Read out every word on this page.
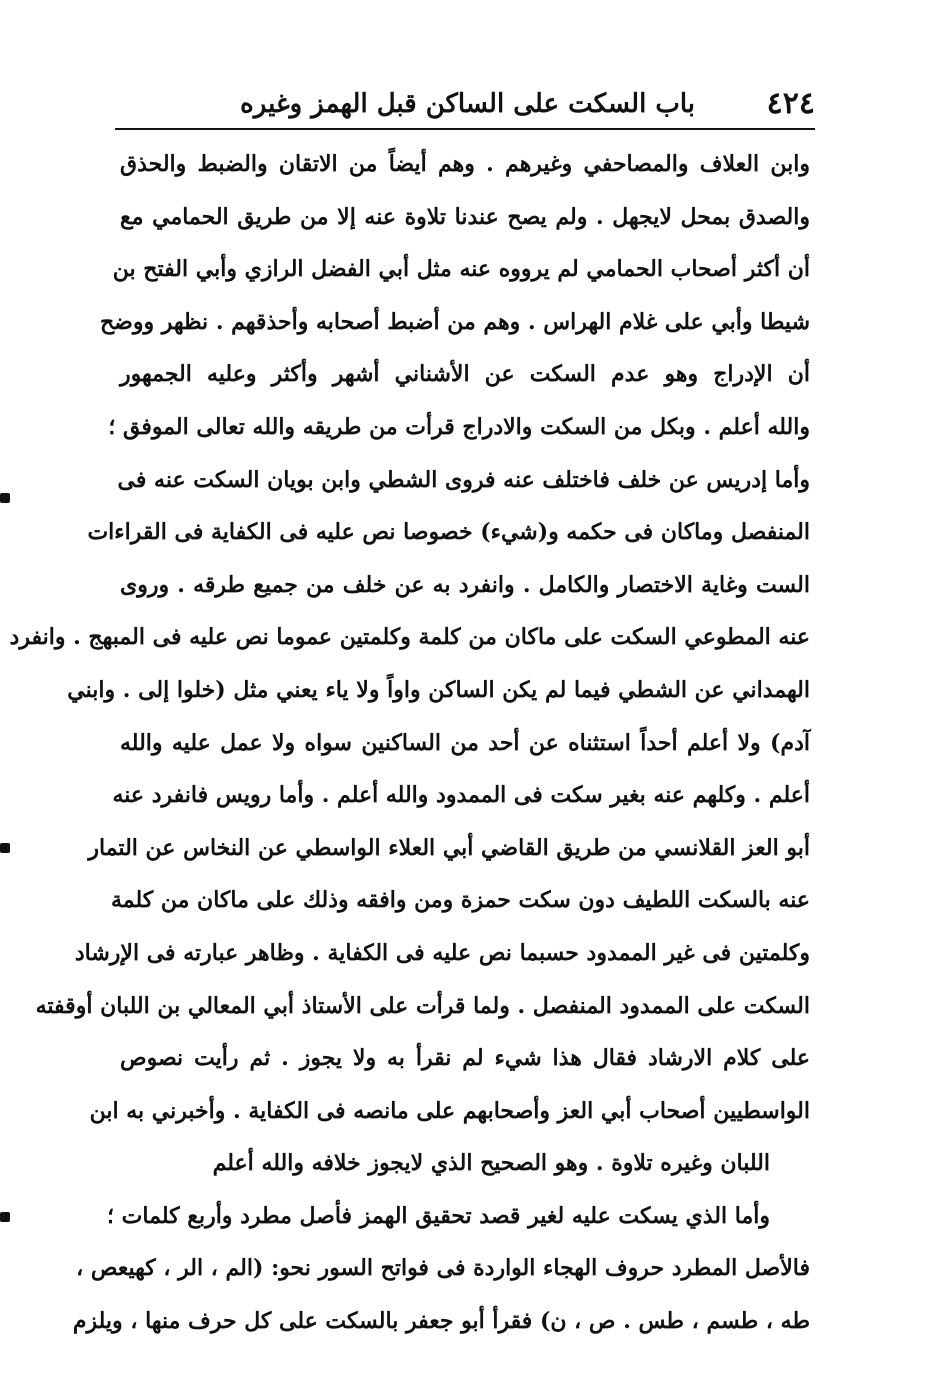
٤٢٤
باب السكت على الساكن قبل الهمز وغيره
وابن العلاف والمصاحفي وغيرهم . وهم أيضاً من الاتقان والضبط والحذق
والصدق بمحل لايجهل . ولم يصح عندنا تلاوة عنه إلا من طريق الحمامي مع
أن أكثر أصحاب الحمامي لم يرووه عنه مثل أبي الفضل الرازي وأبي الفتح بن
شيطا وأبي على غلام الهراس . وهم من أضبط أصحابه وأحذقهم . نظهر ووضح
أن الإدراج وهو عدم السكت عن الأشناني أشهر وأكثر وعليه الجمهور
والله أعلم . وبكل من السكت والادراج قرأت من طريقه والله تعالى الموفق ؛
وأما إدريس عن خلف فاختلف عنه فروى الشطي وابن بويان السكت عنه فى
المنفصل وماكان فى حكمه و(شيء) خصوصا نص عليه فى الكفاية فى القراءات
الست وغاية الاختصار والكامل . وانفرد به عن خلف من جميع طرقه . وروى
عنه المطوعي السكت على ماكان من كلمة وكلمتين عموما نص عليه فى المبهج . وانفرد
الهمداني عن الشطي فيما لم يكن الساكن واواً ولا ياء يعني مثل (خلوا إلى . وابني
آدم) ولا أعلم أحداً استثناه عن أحد من الساكنين سواه ولا عمل عليه والله
أعلم . وكلهم عنه بغير سكت فى الممدود والله أعلم . وأما رويس فانفرد عنه
أبو العز القلانسي من طريق القاضي أبي العلاء الواسطي عن النخاس عن التمار
عنه بالسكت اللطيف دون سكت حمزة ومن وافقه وذلك على ماكان من كلمة
وكلمتين فى غير الممدود حسبما نص عليه فى الكفاية . وظاهر عبارته فى الإرشاد
السكت على الممدود المنفصل . ولما قرأت على الأستاذ أبي المعالي بن اللبان أوقفته
على كلام الارشاد فقال هذا شيء لم نقرأ به ولا يجوز . ثم رأيت نصوص
الواسطيين أصحاب أبي العز وأصحابهم على مانصه فى الكفاية . وأخبرني به ابن
اللبان وغيره تلاوة . وهو الصحيح الذي لايجوز خلافه والله أعلم
وأما الذي يسكت عليه لغير قصد تحقيق الهمز فأصل مطرد وأربع كلمات ؛
فالأصل المطرد حروف الهجاء الواردة فى فواتح السور نحو: (الم ، الر ، كهيعص ،
طه ، طسم ، طس . ص ، ن) فقرأ أبو جعفر بالسكت على كل حرف منها ، ويلزم
